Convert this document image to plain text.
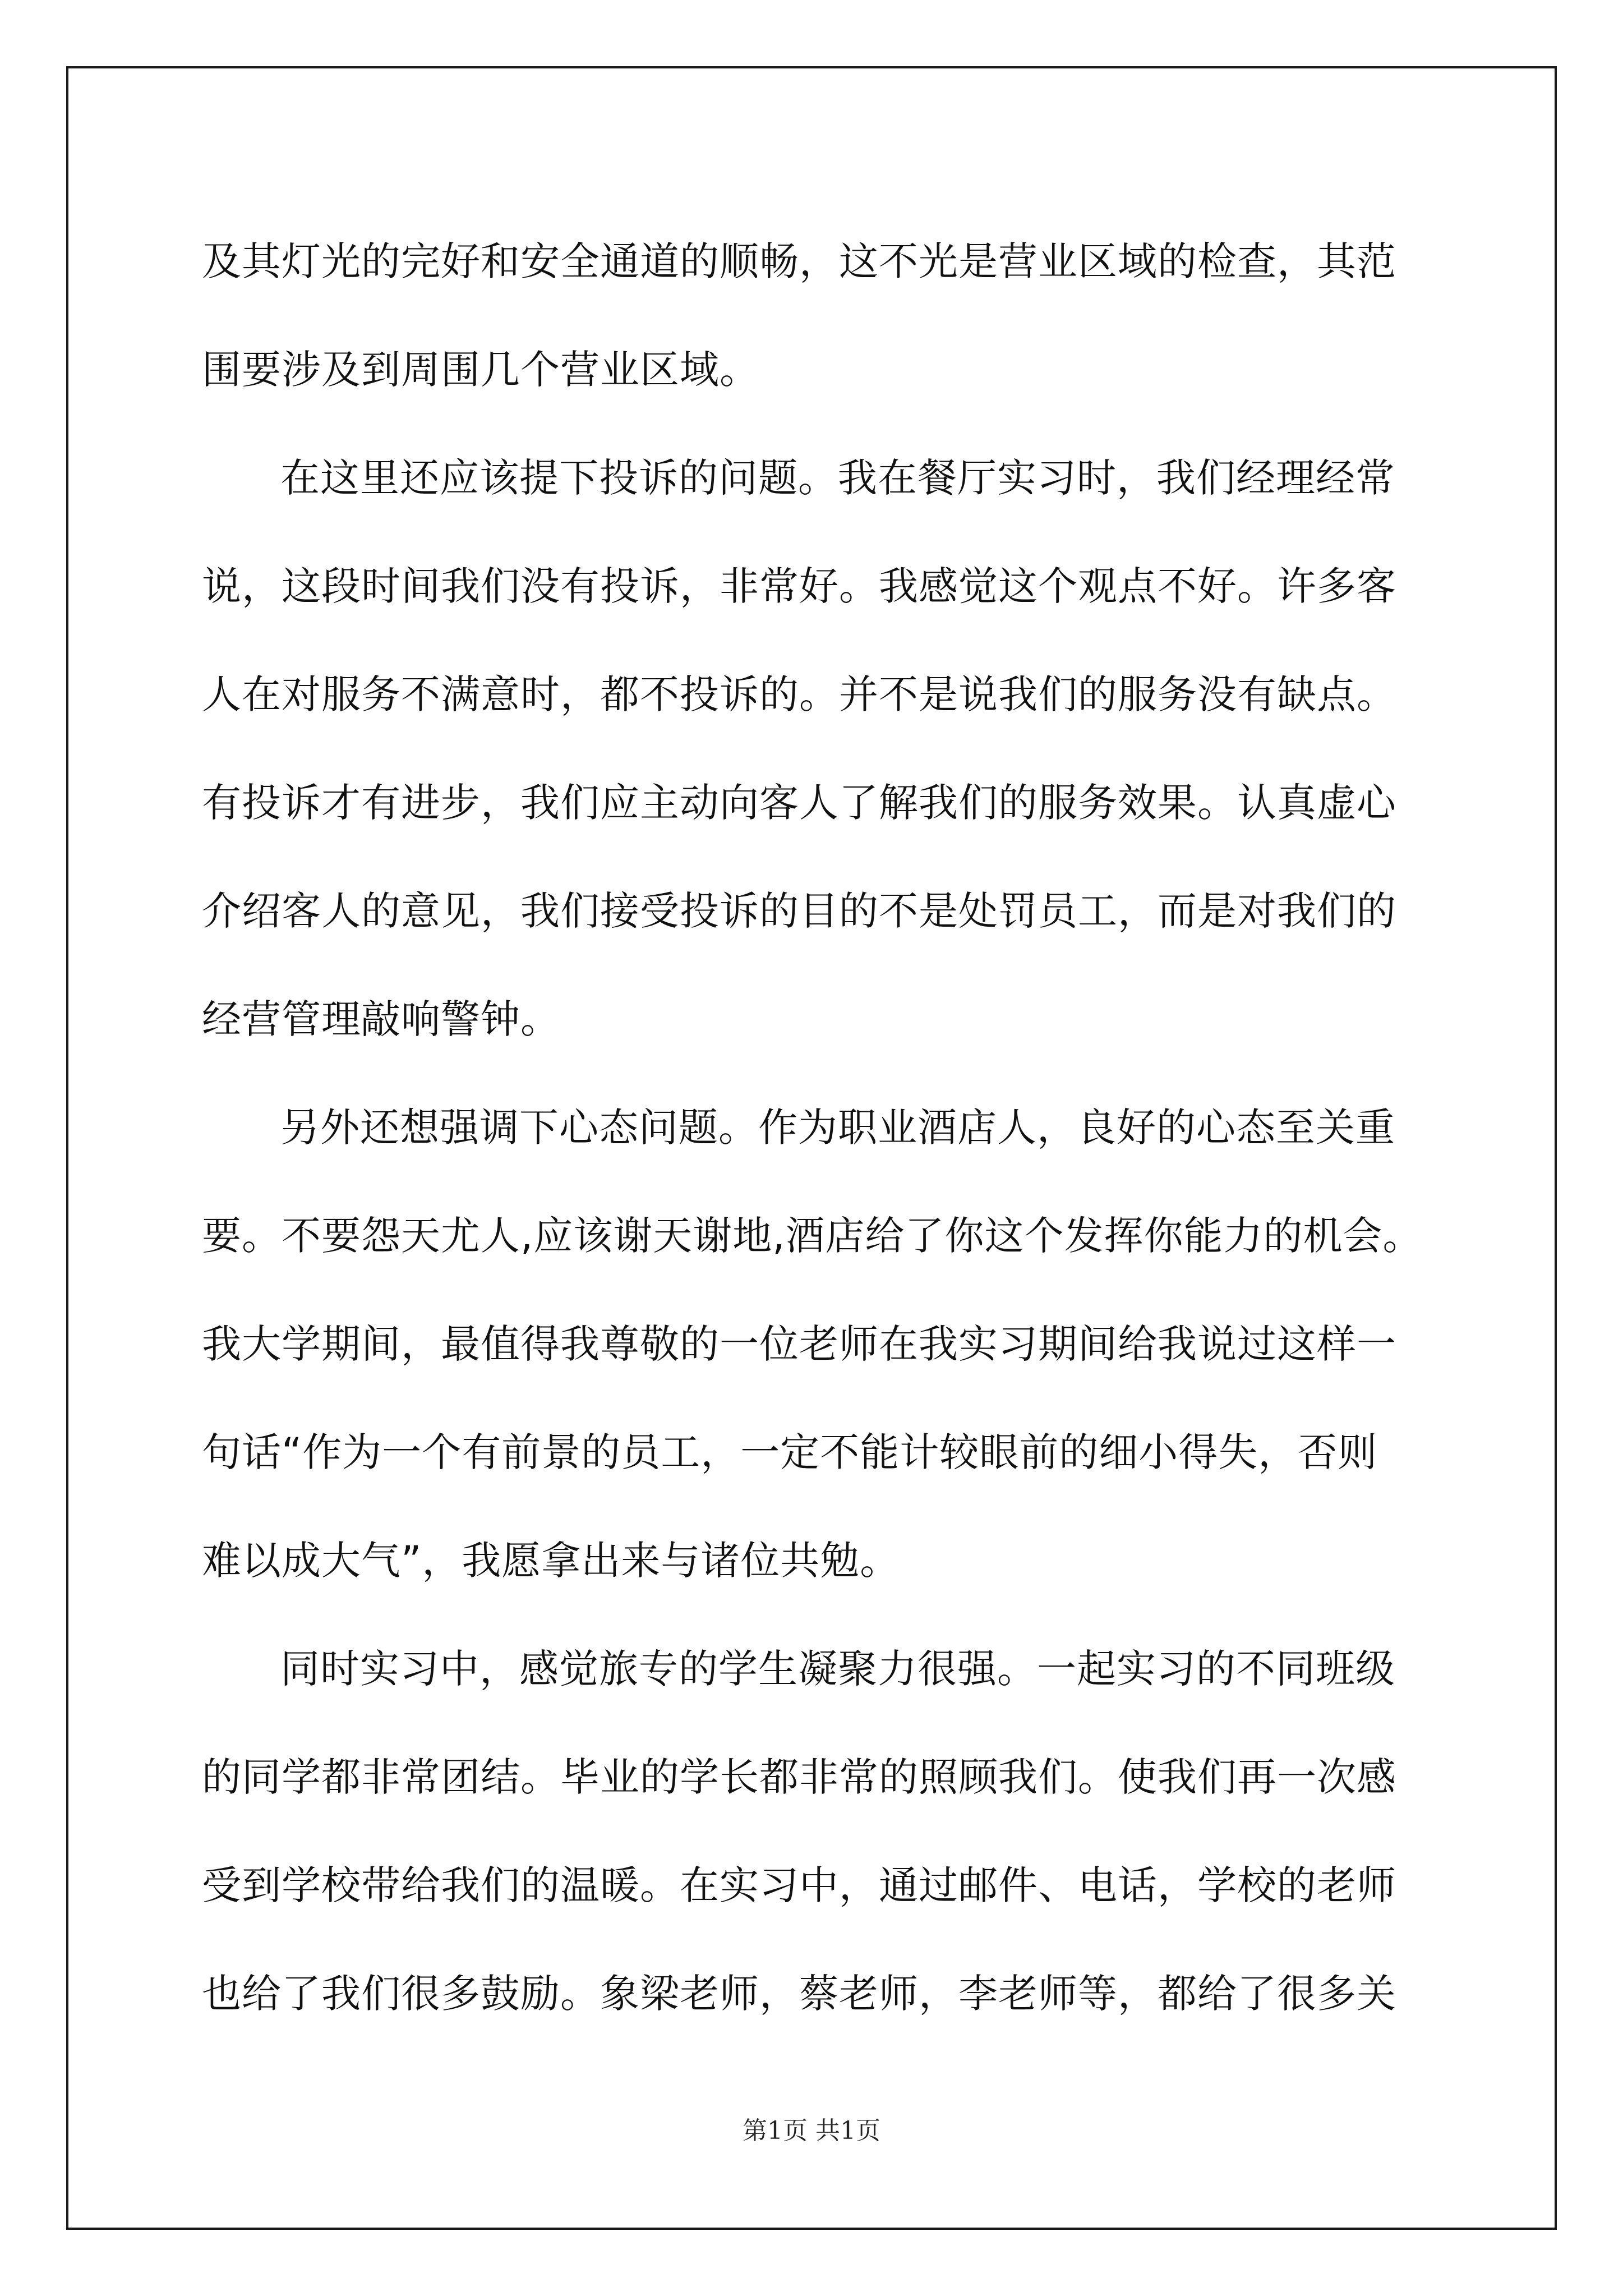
及其灯光的完好和安全通道的顺畅，这不光是营业区域的检查，其范
围要涉及到周围几个营业区域。
在这里还应该提下投诉的问题。我在餐厅实习时，我们经理经常
说，这段时间我们没有投诉，非常好。我感觉这个观点不好。许多客
人在对服务不满意时，都不投诉的。并不是说我们的服务没有缺点。
有投诉才有进步，我们应主动向客人了解我们的服务效果。认真虚心
介绍客人的意见，我们接受投诉的目的不是处罚员工，而是对我们的
经营管理敲响警钟。
另外还想强调下心态问题。作为职业酒店人，良好的心态至关重
要。不要怨天尤人,应该谢天谢地,酒店给了你这个发挥你能力的机会。
我大学期间，最值得我尊敬的一位老师在我实习期间给我说过这样一
句话“作为一个有前景的员工，一定不能计较眼前的细小得失，否则
难以成大气”，我愿拿出来与诸位共勉。
同时实习中，感觉旅专的学生凝聚力很强。一起实习的不同班级
的同学都非常团结。毕业的学长都非常的照顾我们。使我们再一次感
受到学校带给我们的温暖。在实习中，通过邮件、电话，学校的老师
也给了我们很多鼓励。象梁老师，蔡老师，李老师等，都给了很多关
第1页 共1页
